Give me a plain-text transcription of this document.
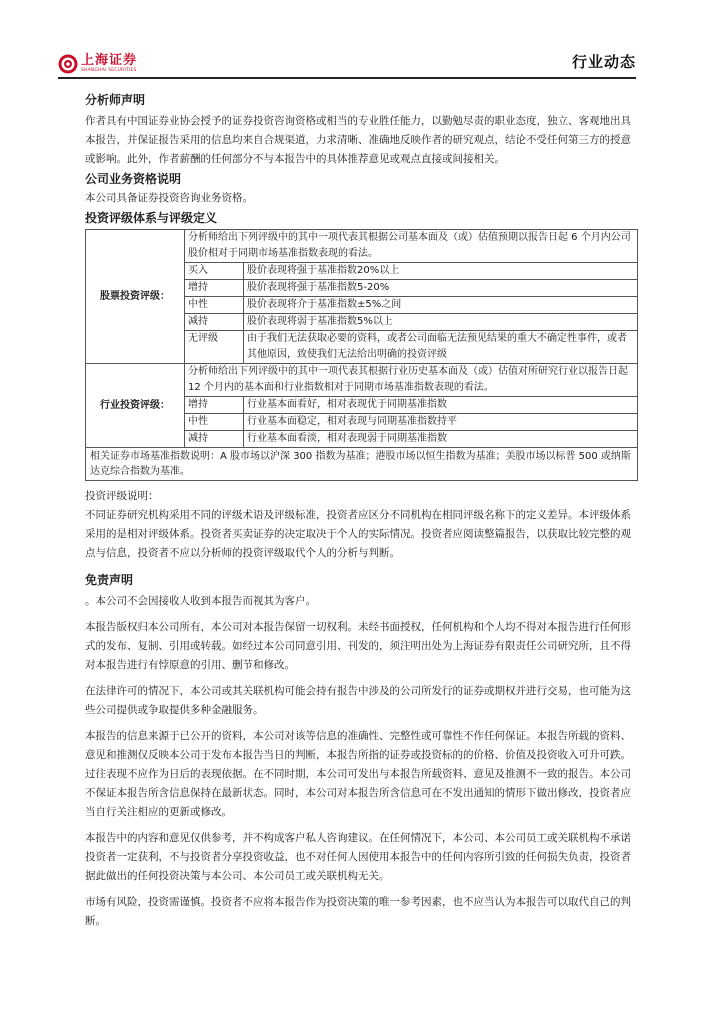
上海证券
SHANGHAI SECURITIES	行业动态
分析师声明

作者具有中国证券业协会授予的证券投资咨询资格或相当的专业胜任能力，以勤勉尽责的职业态度，独立、客观地出具本报告，并保证报告采用的信息均来自合规渠道，力求清晰、准确地反映作者的研究观点，结论不受任何第三方的授意或影响。此外，作者薪酬的任何部分不与本报告中的具体推荐意见或观点直接或间接相关。

公司业务资格说明

本公司具备证券投资咨询业务资格。

投资评级体系与评级定义
股票投资评级：	分析师给出下列评级中的其中一项代表其根据公司基本面及（或）估值预期以报告日起 6 个月内公司股价相对于同期市场基准指数表现的看法。	
	买入	股价表现将强于基准指数20%以上
	增持	股价表现将强于基准指数5-20%
	中性	股价表现将介于基准指数±5%之间
	减持	股价表现将弱于基准指数5%以上
	无评级	由于我们无法获取必要的资料，或者公司面临无法预见结果的重大不确定性事件，或者其他原因，致使我们无法给出明确的投资评级
行业投资评级：	分析师给出下列评级中的其中一项代表其根据行业历史基本面及（或）估值对所研究行业以报告日起 12 个月内的基本面和行业指数相对于同期市场基准指数表现的看法。	
	增持	行业基本面看好，相对表现优于同期基准指数
	中性	行业基本面稳定，相对表现与同期基准指数持平
	减持	行业基本面看淡，相对表现弱于同期基准指数
相关证券市场基准指数说明：A 股市场以沪深 300 指数为基准；港股市场以恒生指数为基准；美股市场以标普 500 或纳斯达克综合指数为基准。		

投资评级说明：

不同证券研究机构采用不同的评级术语及评级标准，投资者应区分不同机构在相同评级名称下的定义差异。本评级体系采用的是相对评级体系。投资者买卖证券的决定取决于个人的实际情况。投资者应阅读整篇报告，以获取比较完整的观点与信息，投资者不应以分析师的投资评级取代个人的分析与判断。

免责声明

。本公司不会因接收人收到本报告而视其为客户。

本报告版权归本公司所有，本公司对本报告保留一切权利。未经书面授权，任何机构和个人均不得对本报告进行任何形式的发布、复制、引用或转载。如经过本公司同意引用、刊发的，须注明出处为上海证券有限责任公司研究所，且不得对本报告进行有悖原意的引用、删节和修改。

在法律许可的情况下，本公司或其关联机构可能会持有报告中涉及的公司所发行的证券或期权并进行交易，也可能为这些公司提供或争取提供多种金融服务。

本报告的信息来源于已公开的资料，本公司对该等信息的准确性、完整性或可靠性不作任何保证。本报告所载的资料、意见和推测仅反映本公司于发布本报告当日的判断，本报告所指的证券或投资标的的价格、价值及投资收入可升可跌。过往表现不应作为日后的表现依据。在不同时期，本公司可发出与本报告所载资料、意见及推测不一致的报告。本公司不保证本报告所含信息保持在最新状态。同时，本公司对本报告所含信息可在不发出通知的情形下做出修改，投资者应当自行关注相应的更新或修改。

本报告中的内容和意见仅供参考，并不构成客户私人咨询建议。在任何情况下，本公司、本公司员工或关联机构不承诺投资者一定获利，不与投资者分享投资收益，也不对任何人因使用本报告中的任何内容所引致的任何损失负责，投资者据此做出的任何投资决策与本公司、本公司员工或关联机构无关。

市场有风险，投资需谨慎。投资者不应将本报告作为投资决策的唯一参考因素，也不应当认为本报告可以取代自己的判断。
